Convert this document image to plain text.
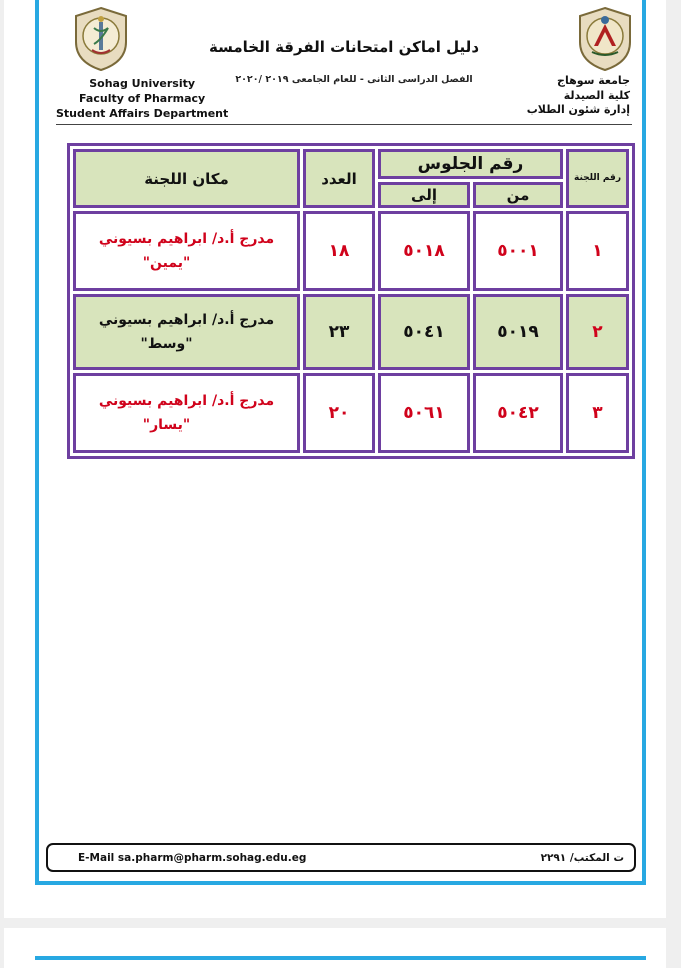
دليل اماكن امتحانات الفرقة الخامسة
الفصل الدراسى الثانى - للعام الجامعى ٢٠١٩ /٢٠٢٠
Sohag University
Faculty of Pharmacy
Student Affairs Department
جامعة سوهاج
كلية الصيدلة
إدارة شئون الطلاب
رقم اللجنة	رقم الجلوس		العدد	مكان اللجنة
	من	إلى		
١	٥٠٠١	٥٠١٨	١٨	مدرج أ.د/ ابراهيم بسيوني
"يمين"

٢	٥٠١٩	٥٠٤١	٢٣	مدرج أ.د/ ابراهيم بسيوني
"وسط"

٣	٥٠٤٢	٥٠٦١	٢٠	مدرج أ.د/ ابراهيم بسيوني
"يسار"
E-Mail sa.pharm@pharm.sohag.edu.eg	ت المكتب/ ٢٢٩١
